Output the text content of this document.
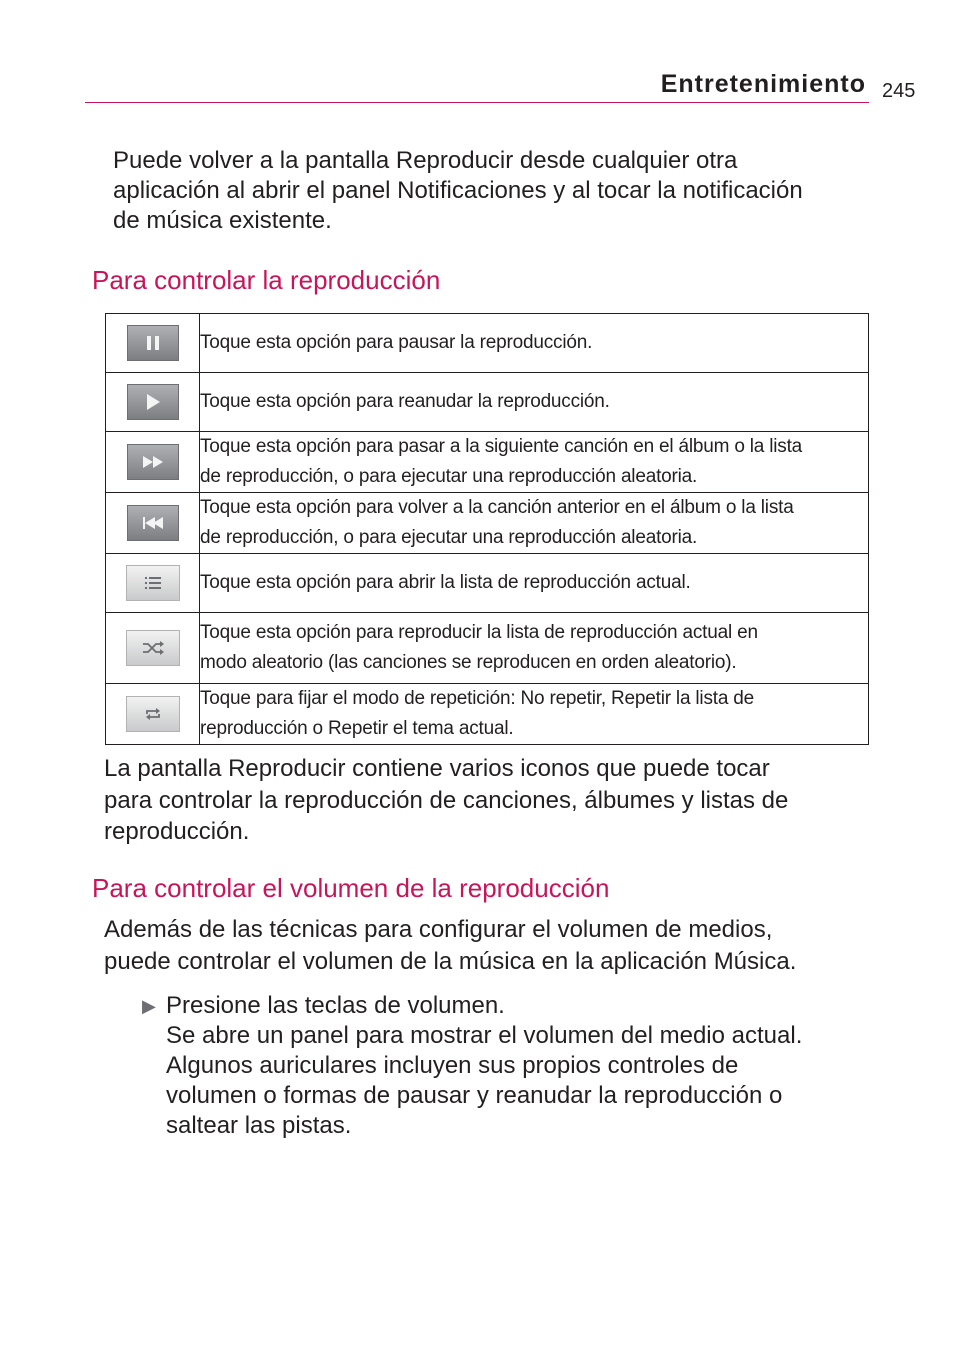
Entretenimiento 245
Puede volver a la pantalla Reproducir desde cualquier otra
aplicación al abrir el panel Notificaciones y al tocar la notificación
de música existente.
Para controlar la reproducción

Toque esta opción para pausar la reproducción.

Toque esta opción para reanudar la reproducción.

Toque esta opción para pasar a la siguiente canción en el álbum o la lista
de reproducción, o para ejecutar una reproducción aleatoria.

Toque esta opción para volver a la canción anterior en el álbum o la lista
de reproducción, o para ejecutar una reproducción aleatoria.

Toque esta opción para abrir la lista de reproducción actual.

Toque esta opción para reproducir la lista de reproducción actual en
modo aleatorio (las canciones se reproducen en orden aleatorio).

Toque para fijar el modo de repetición: No repetir, Repetir la lista de
reproducción o Repetir el tema actual.
La pantalla Reproducir contiene varios iconos que puede tocar
para controlar la reproducción de canciones, álbumes y listas de
reproducción.
Para controlar el volumen de la reproducción
Además de las técnicas para configurar el volumen de medios,
puede controlar el volumen de la música en la aplicación Música.
▶ Presione las teclas de volumen.
Se abre un panel para mostrar el volumen del medio actual.
Algunos auriculares incluyen sus propios controles de
volumen o formas de pausar y reanudar la reproducción o
saltear las pistas.
